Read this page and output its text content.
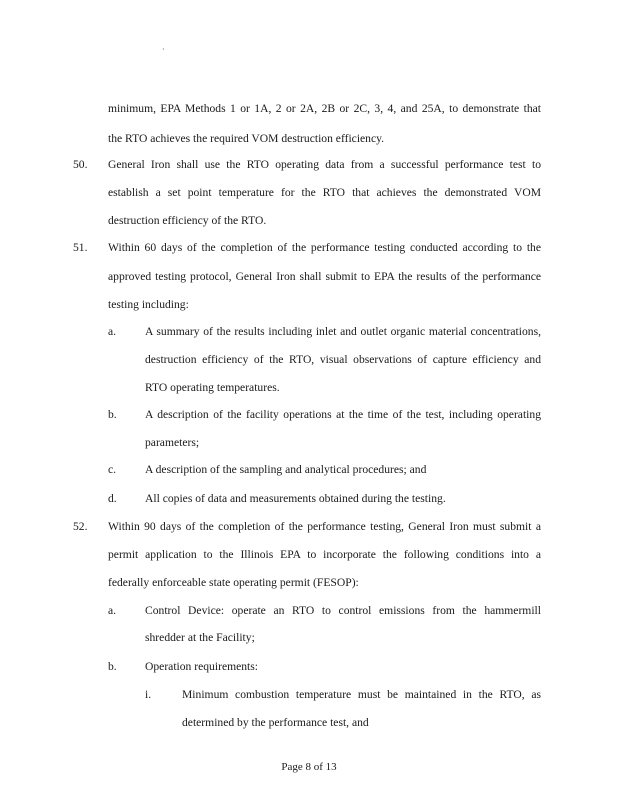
·
minimum, EPA Methods 1 or 1A, 2 or 2A, 2B or 2C, 3, 4, and 25A, to demonstrate that
the RTO achieves the required VOM destruction efficiency.
50. General Iron shall use the RTO operating data from a successful performance test to
establish a set point temperature for the RTO that achieves the demonstrated VOM
destruction efficiency of the RTO.
51. Within 60 days of the completion of the performance testing conducted according to the
approved testing protocol, General Iron shall submit to EPA the results of the performance
testing including:
a. A summary of the results including inlet and outlet organic material concentrations,
destruction efficiency of the RTO, visual observations of capture efficiency and
RTO operating temperatures.
b. A description of the facility operations at the time of the test, including operating
parameters;
c. A description of the sampling and analytical procedures; and
d. All copies of data and measurements obtained during the testing.
52. Within 90 days of the completion of the performance testing, General Iron must submit a
permit application to the Illinois EPA to incorporate the following conditions into a
federally enforceable state operating permit (FESOP):
a. Control Device: operate an RTO to control emissions from the hammermill
shredder at the Facility;
b. Operation requirements:
i.	Minimum combustion temperature must be maintained in the RTO, as
determined by the performance test, and
Page 8 of 13
